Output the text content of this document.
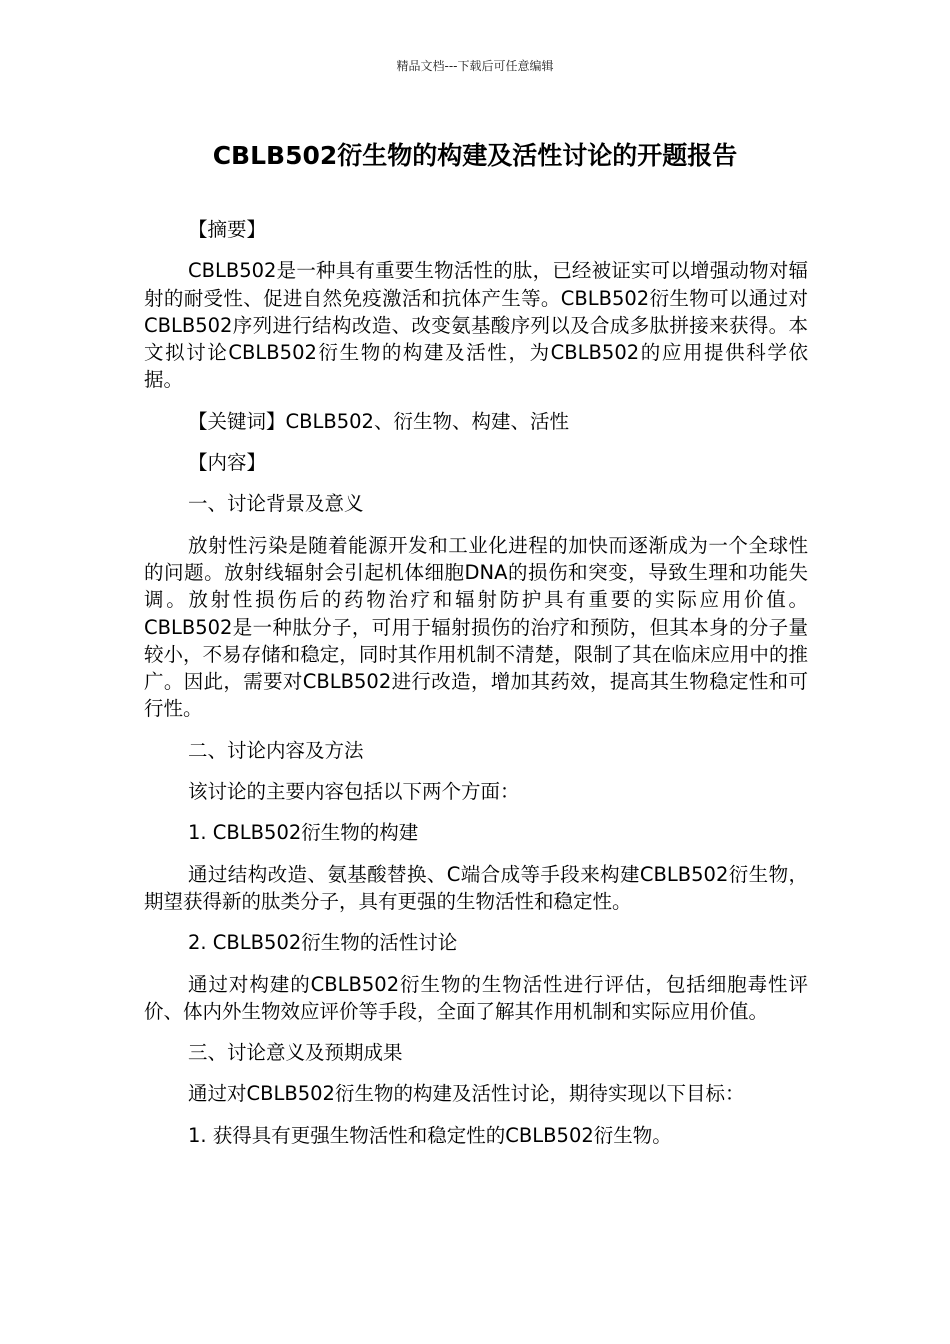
精品文档---下载后可任意编辑
CBLB502衍生物的构建及活性讨论的开题报告

【摘要】

CBLB502是一种具有重要生物活性的肽，已经被证实可以增强动物对辐射的耐受性、促进自然免疫激活和抗体产生等。CBLB502衍生物可以通过对CBLB502序列进行结构改造、改变氨基酸序列以及合成多肽拼接来获得。本文拟讨论CBLB502衍生物的构建及活性，为CBLB502的应用提供科学依据。

【关键词】CBLB502、衍生物、构建、活性

【内容】

一、讨论背景及意义

放射性污染是随着能源开发和工业化进程的加快而逐渐成为一个全球性的问题。放射线辐射会引起机体细胞DNA的损伤和突变，导致生理和功能失调。放射性损伤后的药物治疗和辐射防护具有重要的实际应用价值。CBLB502是一种肽分子，可用于辐射损伤的治疗和预防，但其本身的分子量较小，不易存储和稳定，同时其作用机制不清楚，限制了其在临床应用中的推广。因此，需要对CBLB502进行改造，增加其药效，提高其生物稳定性和可行性。

二、讨论内容及方法

该讨论的主要内容包括以下两个方面：

1. CBLB502衍生物的构建

通过结构改造、氨基酸替换、C端合成等手段来构建CBLB502衍生物，期望获得新的肽类分子，具有更强的生物活性和稳定性。

2. CBLB502衍生物的活性讨论

通过对构建的CBLB502衍生物的生物活性进行评估，包括细胞毒性评价、体内外生物效应评价等手段，全面了解其作用机制和实际应用价值。

三、讨论意义及预期成果

通过对CBLB502衍生物的构建及活性讨论，期待实现以下目标：

1. 获得具有更强生物活性和稳定性的CBLB502衍生物。
